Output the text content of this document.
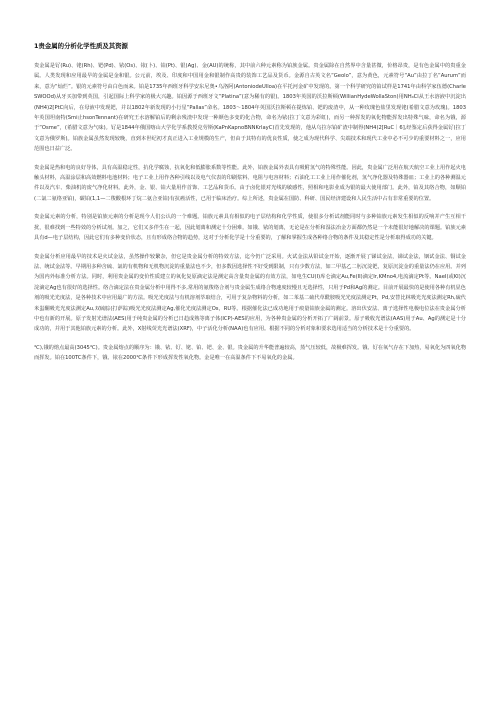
1贵金属的分析化学性质及其资源

贵金属是钌(Ru)、铑(Rh)、钯(Pd)、铱(Os)、铱(卜)、铂(Pt)、银(Ag)、金(AU)的统称，其中前六种元素称为铂族金属。贵金属除在自然界中含量甚微，价格昂贵，是有色金属中的贵重金属。人类发现和应用最早的金属是金和银。公元前，埃及、印度和中国用金和银制作高贵的装饰工艺品及货币。金源自古英文名“Geolo”，意为黄色，元素符号“Au”由拉丁名“Aurum”而来，意为“灿烂”。银的元素符号由白色而来。铂是1735年西班牙科学安东尼奥•乌洛阿(AntoniodeUlloa)在平托河金矿中发现的。第一个科学研究的铂试样是1741年由科学家伍德(CharleSWOOd)从牙买加带到英国，引起国际上科学家的极大兴趣。铂因源于西班牙文“Platina”(意为稀有的银)。1803年英国的沃拉斯顿(WillianHydeWollaSton)用NH₄Cl从王水溶液中沉淀出(NH4)2[PtC向后，在母液中发现钯，并以1802年新发现的小行星“Pallas”命名。1803～1804年英国沃拉斯顿在提炼铂、钯的废渣中，从一种玫瑰色盐里发现铑(希腊文意为玫瑰)。1803年英国坦南特(Smi止hsonTennant)在研究王水溶解铂后的剩余残渣中发现一种颜色多变的化合物，命名为铱(拉丁文意为彩虹)，而另一种挥发的氧化物能挥发出特殊气味，命名为锇，源于“Osme”，(希腊文意为气味)。钌是1844年俄国喀山大学化学系教授克劳斯(KaPnKapnoBNNKrlayC)首先发现的，他从乌拉尔铂矿渣中制得(NH4)2[RuC｜6],经鉴定后获得金属钌(拉丁文意为俄罗斯)。铂族金属虽然发现较晚，直到本世纪初才真正进入工业规模的生产，但由于其特有的优良性质，使之成为现代科学、尖端技术和现代工业中必不可少的重要材料之一，应用范围也日益广泛。

贵金属是热和电的良好导体，具有高温稳定性，抗化学腐蚀，抗氧化和低膨胀系数等性能。此外，铂族金属外表具有吸附氢气的特殊性能。因此，贵金属广泛用在航天航空工业上用作起火电触头材料，高温涂层和高效燃料电池材料；电子工业上用作各种引线以及电气仪表的印刷浆料、电阻与电容材料；石油化工工业上用作催化剂，氢气净化器及特殊器皿；工业上的各种测温元件以及汽车、柴油机的废气净化材料。此外，金、银、铂大量用作首饰、工艺品和货币。由于卤化银对光线的敏感性，照相和电影业成为银的最大使用部门。此外，铂及其络合物，如顺铂(二氯二氨络亚铂)，碳铂(1,1—二羧酸根环丁烷二氨合亚铂)有抗癌活性，已用于临床治疗。综上所述，贵金属在国防、科研、国民经济建设和人民生活中占有非常重要的位置。

贵金属元素的分析，特别是铂族元素的分析是现今人们公认的一个难题。铂族元素具有相似的电子层结构和化学性质，使很多分析试剂能同时与多种铂族元素发生相似的反响并产生互相干扰，很难找到一些特效的分析试剂。加之，它们又多伴生在一起，因此划离和测定十分困难。如锇、铱的划离，无论是在分析和湿法冶金方面都仍然是一个未能很好地解决的课题。铂族元素具有d—电子层结构，因此它们有多种变价状态，且有形成络合物的趋势，这对于分析化学是十分重要的，了解和掌握生成各种络合物的条件及其稳定性是分析取得成功的关键。

贵金属分析应用最早的技术是火试金法，虽然操作较繁杂，但它是贵金属分析的特效方法，迄今仍广泛采用。火试金法从铅试金开始，逐渐开展了锑试金法，锑试金法，铟试金法、铜试金法、统试金法等。早期用多种含硫、氯的有机物和无机物沉淀的重量法也不少，但多数因选择性不好受到限制，只有少数方法，如二甲基乙二肟沉淀钯，复原沉淀金的重量法仍在应用。并列为国内外标准分析方法。同时，利用贵金属的变价性质建立的氧化复原滴定法是测定高含量贵金属的有效方法，如电生CU(I)库仑滴定Au,Fe(II)滴定Ir,KMno4,电流滴定Pt等。NaeI(或KI)沉淀滴定Ag也有很好的选择性。络合滴定法在贵金属分析中用得不多,常用的氨羧络合剂与贵金属生成络合物速度较慢且无选择性，只用于Pd和Ag的测定。目前开展最快的是使用各种有机显色剂的吸光光度法，是各种技术中应用最广的方法。吸光光度法与有机溶剂萃取结合，可用于复杂物料的分析，如二苯基二硫代草酰胺吸光光度法测定Pt，Pd,安替比林吸光光度法测定Rh,硫代米蚩酮吸光光度法测定Au,双硫腙(打萨踪)吸光光度法测定Ag,催化光度法测定Os，RU等。根据催化法已成功地用于痕量铂族金属的测定。溶出伏安法、离子选择性电极电位法在贵金属分析中也有新的开展。原子发射光谱法(AES)用于纯贵金属的分析已日趋成熟等离子体(ICP)-AES的应用，为各种贵金属的分析开拓了广阔前景。原子吸收光谱法(AAS)用于Au、Ag的测定是十分成功的，并用于其他铂族元素的分析。此外，X射线荧光光谱法(XRF)，中子活化分析(NAA)也有应用。根据不同的分析对象和要求选用适当的分析技术是十分重要的。

℃),锇的熔点最高(3045℃)。贵金属熔点的顺序为：锇、铱、钌、铑、铂、钯、金、银。贵金属的升华能普遍较高，蒸气压较低，故极难挥发。锇、钌在氧气存在下加热，易氧化为四氧化物而挥发。铂在100TC条件下，锇、铱在2000℃条件下形成挥发性氧化物。金是唯一在高温条件下不易氧化的金属。
